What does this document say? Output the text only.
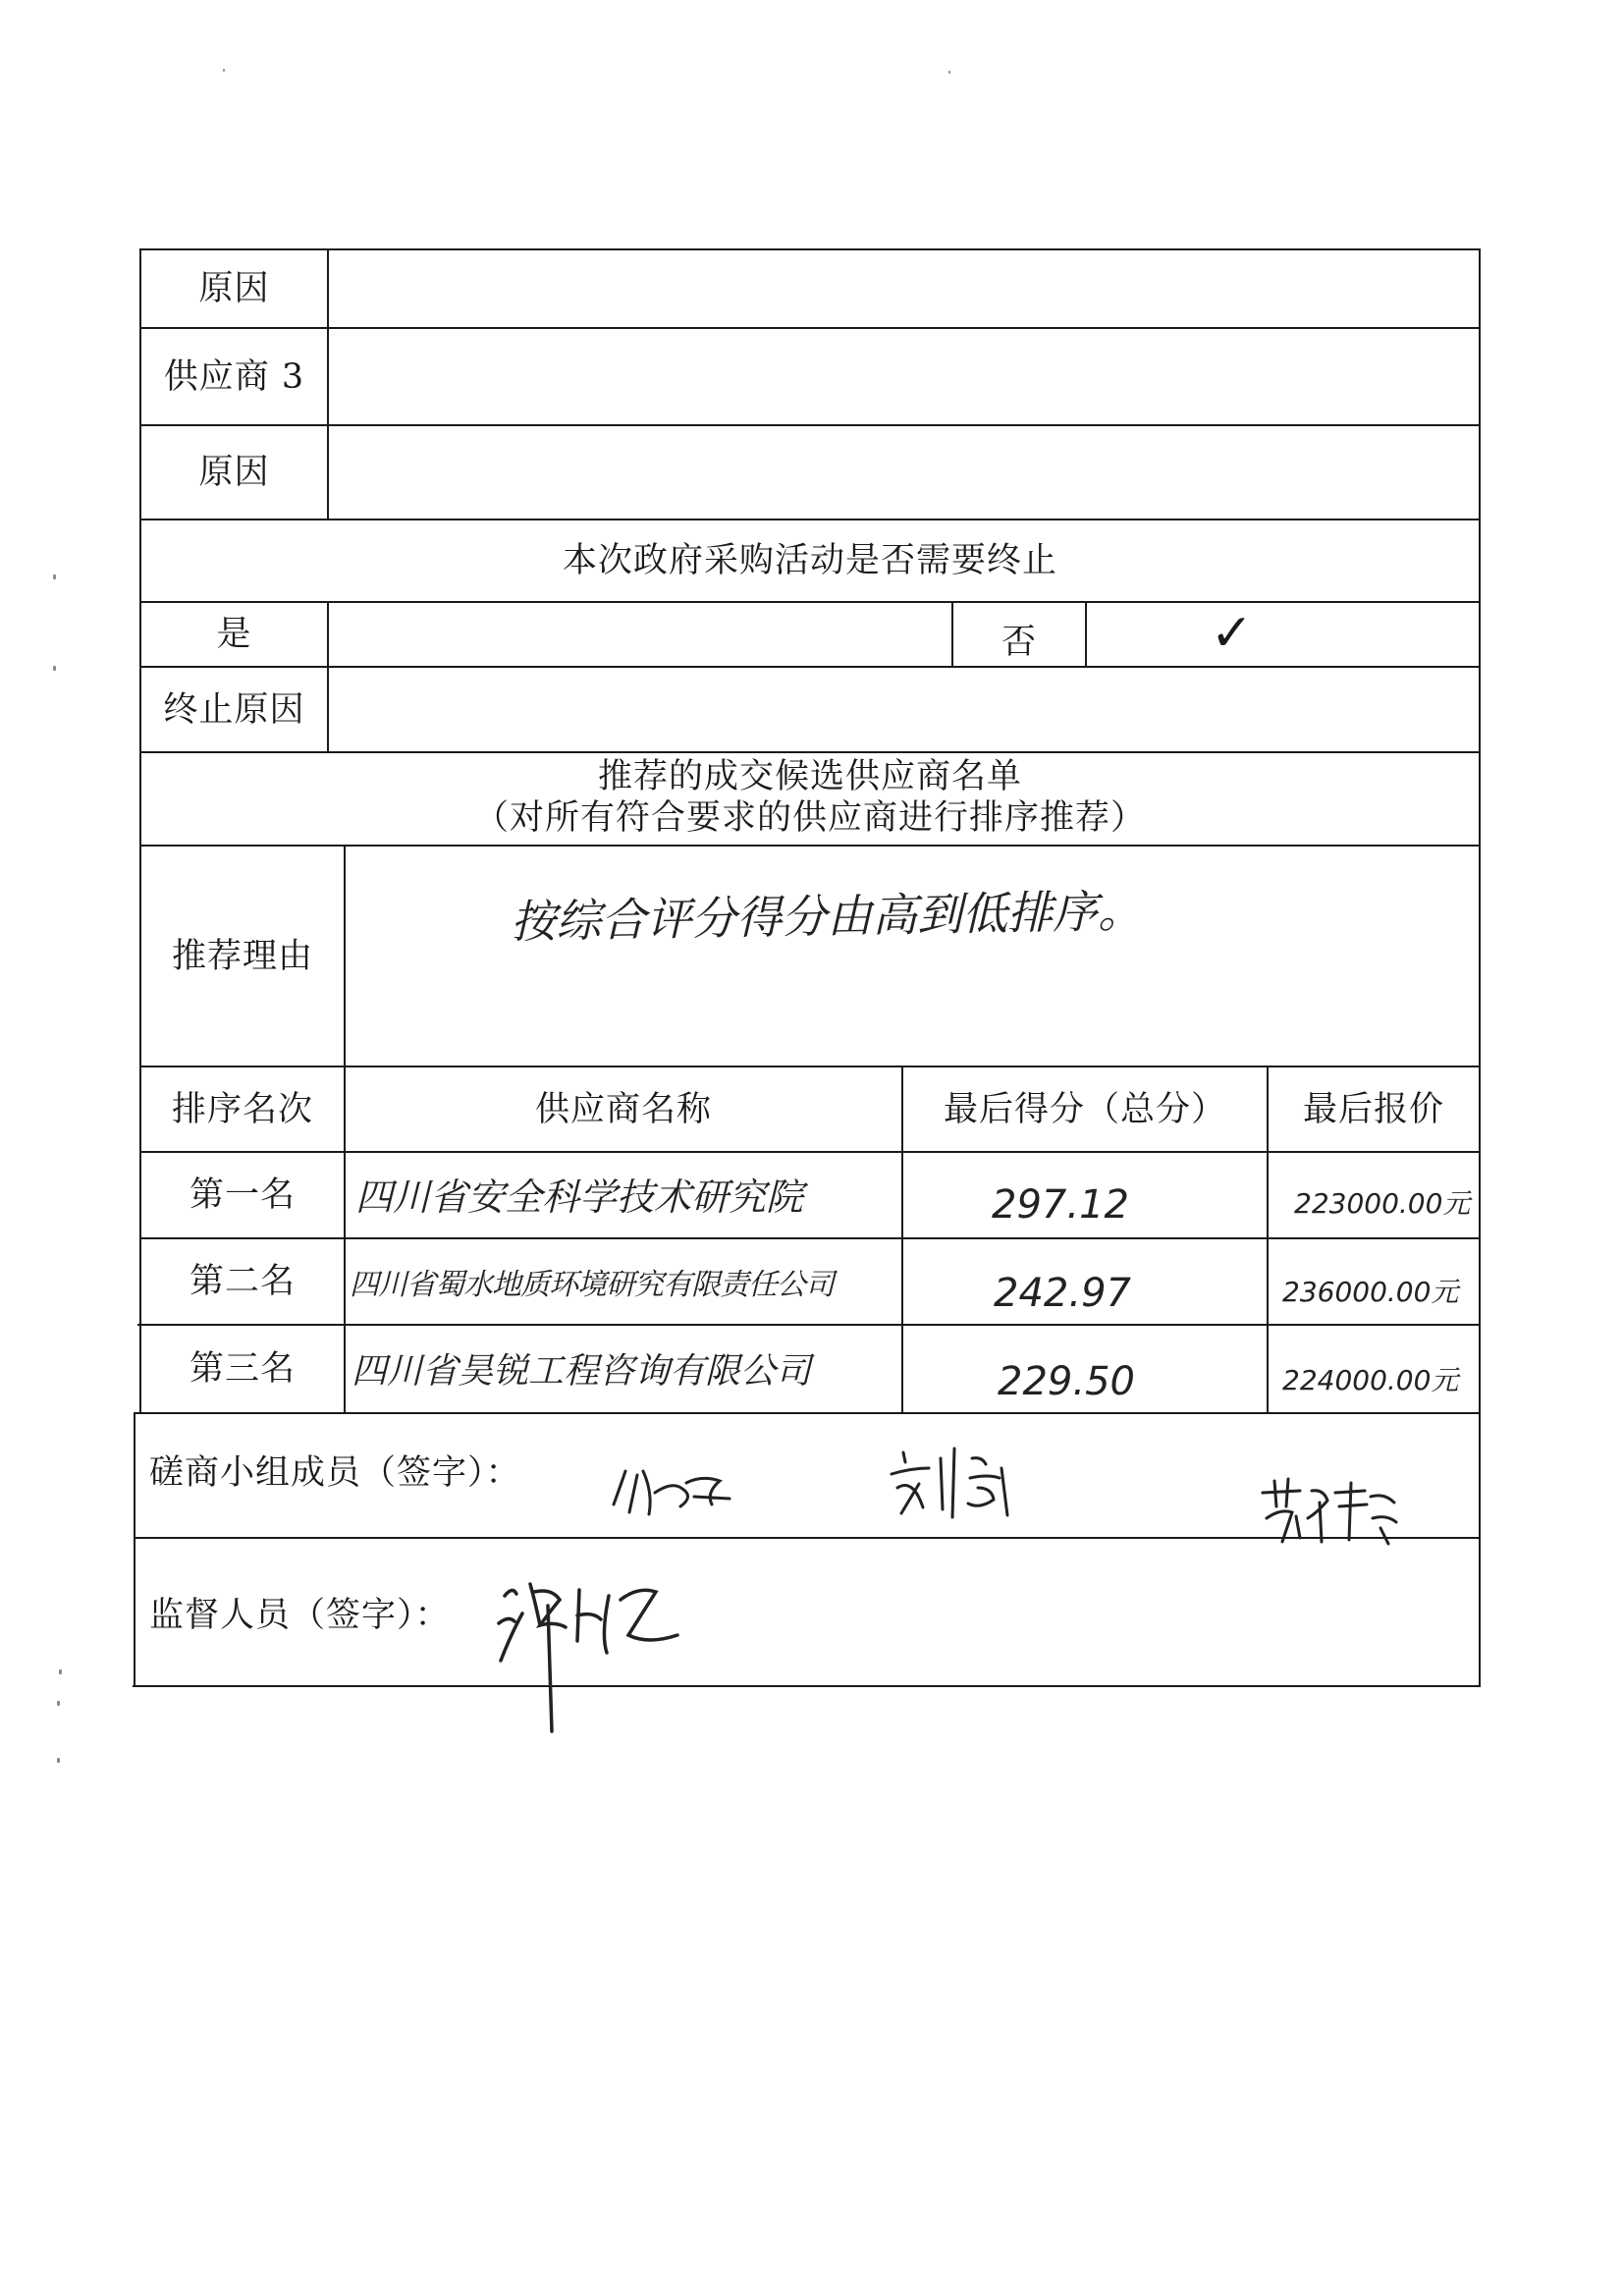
原因
供应商 3
原因
本次政府采购活动是否需要终止
是	否	✓
终止原因
推荐的成交候选供应商名单
（对所有符合要求的供应商进行排序推荐）
推荐理由
按综合评分得分由高到低排序。
排序名次	供应商名称	最后得分（总分）	最后报价
第一名	四川省安全科学技术研究院	297.12	223000.00元
第二名	四川省蜀水地质环境研究有限责任公司	242.97	236000.00元
第三名	四川省昊锐工程咨询有限公司	229.50	224000.00元
磋商小组成员（签字）：
监督人员（签字）：
